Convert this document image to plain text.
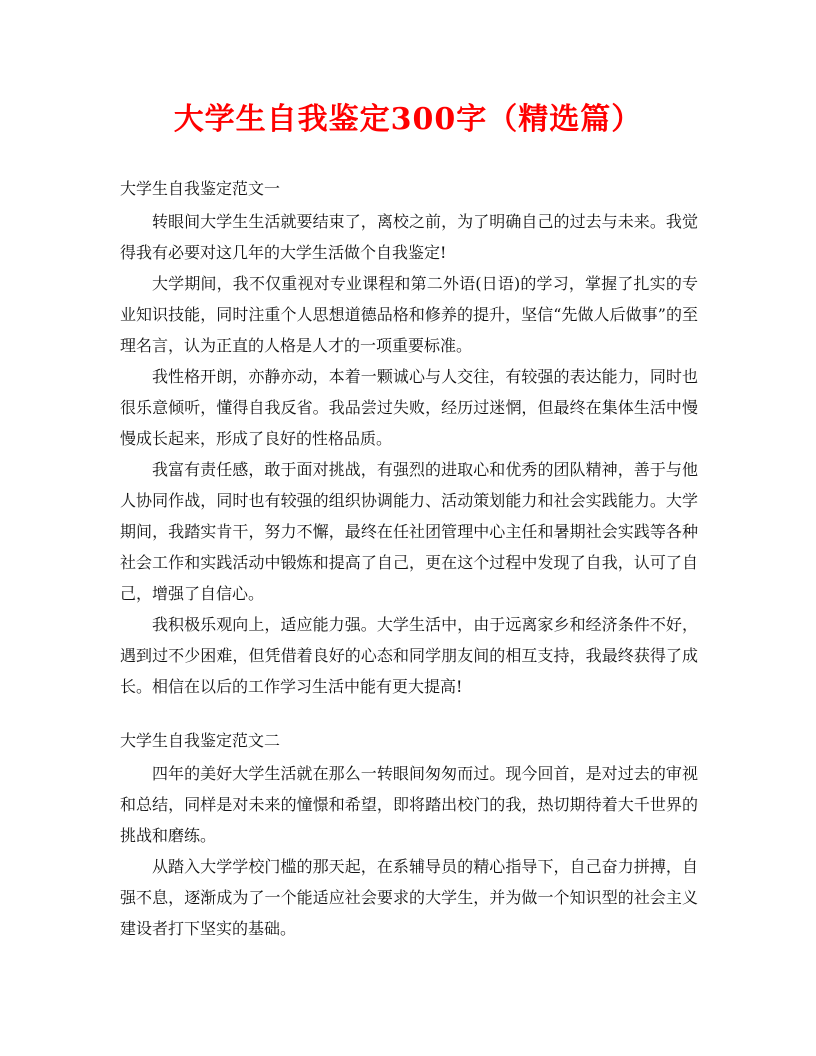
大学生自我鉴定300字（精选篇）

大学生自我鉴定范文一

转眼间大学生生活就要结束了，离校之前，为了明确自己的过去与未来。我觉得我有必要对这几年的大学生活做个自我鉴定!

大学期间，我不仅重视对专业课程和第二外语(日语)的学习，掌握了扎实的专业知识技能，同时注重个人思想道德品格和修养的提升，坚信“先做人后做事”的至理名言，认为正直的人格是人才的一项重要标准。

我性格开朗，亦静亦动，本着一颗诚心与人交往，有较强的表达能力，同时也很乐意倾听，懂得自我反省。我品尝过失败，经历过迷惘，但最终在集体生活中慢慢成长起来，形成了良好的性格品质。

我富有责任感，敢于面对挑战，有强烈的进取心和优秀的团队精神，善于与他人协同作战，同时也有较强的组织协调能力、活动策划能力和社会实践能力。大学期间，我踏实肯干，努力不懈，最终在任社团管理中心主任和暑期社会实践等各种社会工作和实践活动中锻炼和提高了自己，更在这个过程中发现了自我，认可了自己，增强了自信心。

我积极乐观向上，适应能力强。大学生活中，由于远离家乡和经济条件不好，遇到过不少困难，但凭借着良好的心态和同学朋友间的相互支持，我最终获得了成长。相信在以后的工作学习生活中能有更大提高!

大学生自我鉴定范文二

四年的美好大学生活就在那么一转眼间匆匆而过。现今回首，是对过去的审视和总结，同样是对未来的憧憬和希望，即将踏出校门的我，热切期待着大千世界的挑战和磨练。

从踏入大学学校门槛的那天起，在系辅导员的精心指导下，自己奋力拼搏，自强不息，逐渐成为了一个能适应社会要求的大学生，并为做一个知识型的社会主义建设者打下坚实的基础。
